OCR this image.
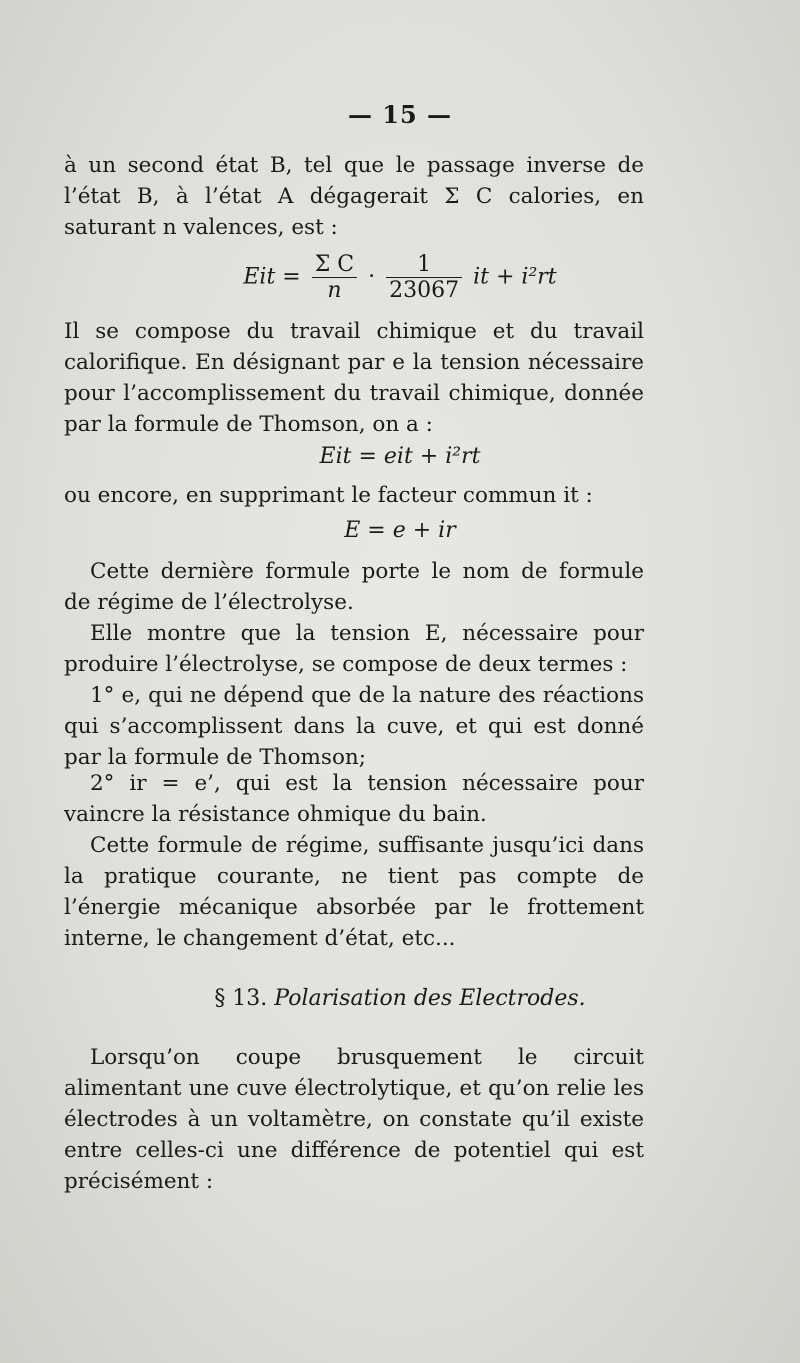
— 15 —
à un second état B, tel que le passage inverse de l’état B, à l’état A dégagerait Σ C calories, en saturant n valences, est :
Eit = $\frac{\text{Σ C}}{n} \cdot \frac{1}{23067}$ it + i²rt
Il se compose du travail chimique et du travail calorifique. En désignant par e la tension nécessaire pour l’accomplissement du travail chimique, donnée par la formule de Thomson, on a :
Eit = eit + i²rt
ou encore, en supprimant le facteur commun it :
E = e + ir
Cette dernière formule porte le nom de formule de régime de l’électrolyse.
Elle montre que la tension E, nécessaire pour produire l’électrolyse, se compose de deux termes :
1° e, qui ne dépend que de la nature des réactions qui s’accomplissent dans la cuve, et qui est donné par la formule de Thomson;
2° ir = e’, qui est la tension nécessaire pour vaincre la résistance ohmique du bain.
Cette formule de régime, suffisante jusqu’ici dans la pratique courante, ne tient pas compte de l’énergie mécanique absorbée par le frottement interne, le changement d’état, etc...
§ 13. Polarisation des Electrodes.
Lorsqu’on coupe brusquement le circuit alimentant une cuve électrolytique, et qu’on relie les électrodes à un voltamètre, on constate qu’il existe entre celles-ci une différence de potentiel qui est précisément :
